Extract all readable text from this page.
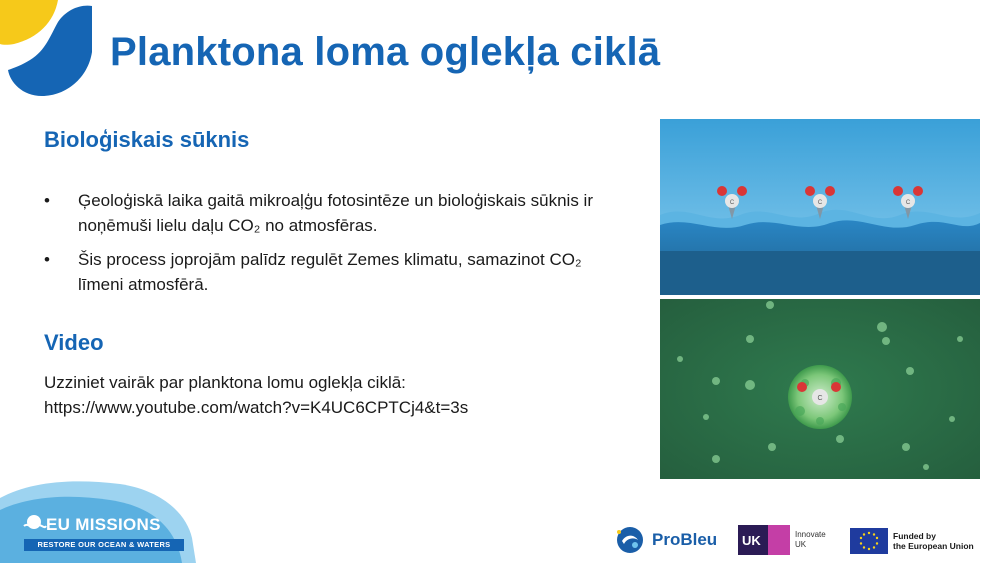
Planktona loma oglekļa ciklā
Bioloģiskais sūknis
•	Ģeoloģiskā laika gaitā mikroaļģu fotosintēze un bioloģiskais sūknis ir noņēmuši lielu daļu CO₂ no atmosfēras.
•	Šis process joprojām palīdz regulēt Zemes klimatu, samazinot CO₂ līmeni atmosfērā.
Video
Uzziniet vairāk par planktona lomu oglekļa ciklā:
https://www.youtube.com/watch?v=K4UC6CPTCj4&t=3s
C	C	C
C
EU MISSIONS
RESTORE OUR OCEAN & WATERS	ProBleu UK	Innovate
UK
Funded by
the European Union
